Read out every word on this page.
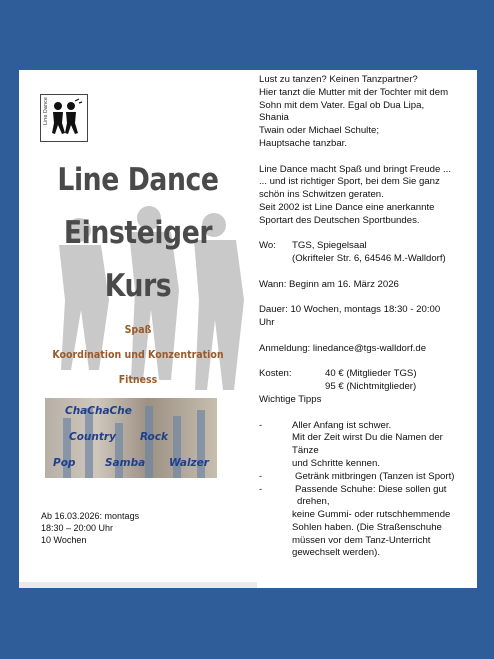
Line Dance
Line Dance
Einsteiger
Kurs
Spaß
Koordination und Konzentration
Fitness
ChaChaChe
Country Rock
Pop	Samba Walzer
Ab 16.03.2026: montags
18:30 – 20:00 Uhr
10 Wochen
Lust zu tanzen? Keinen Tanzpartner?
Hier tanzt die Mutter mit der Tochter mit dem
Sohn mit dem Vater. Egal ob Dua Lipa,
Shania
Twain oder Michael Schulte;
Hauptsache tanzbar.
Line Dance macht Spaß und bringt Freude ...
... und ist richtiger Sport, bei dem Sie ganz
schön ins Schwitzen geraten.
Seit 2002 ist Line Dance eine anerkannte
Sportart des Deutschen Sportbundes.
Wo: TGS, Spiegelsaal
(Okrifteler Str. 6, 64546 M.-Walldorf)
Wann: Beginn am 16. März 2026
Dauer: 10 Wochen, montags 18:30 - 20:00
Uhr
Anmeldung: linedance@tgs-walldorf.de
Kosten:	40 € (Mitglieder TGS)
95 € (Nichtmitglieder)
Wichtige Tipps
-	Aller Anfang ist schwer.
Mit der Zeit wirst Du die Namen der
Tänze
und Schritte kennen.
-	Getränk mitbringen (Tanzen ist Sport)
-	Passende Schuhe: Diese sollen gut
drehen,
keine Gummi- oder rutschhemmende
Sohlen haben. (Die Straßenschuhe
müssen vor dem Tanz-Unterricht
gewechselt werden).
